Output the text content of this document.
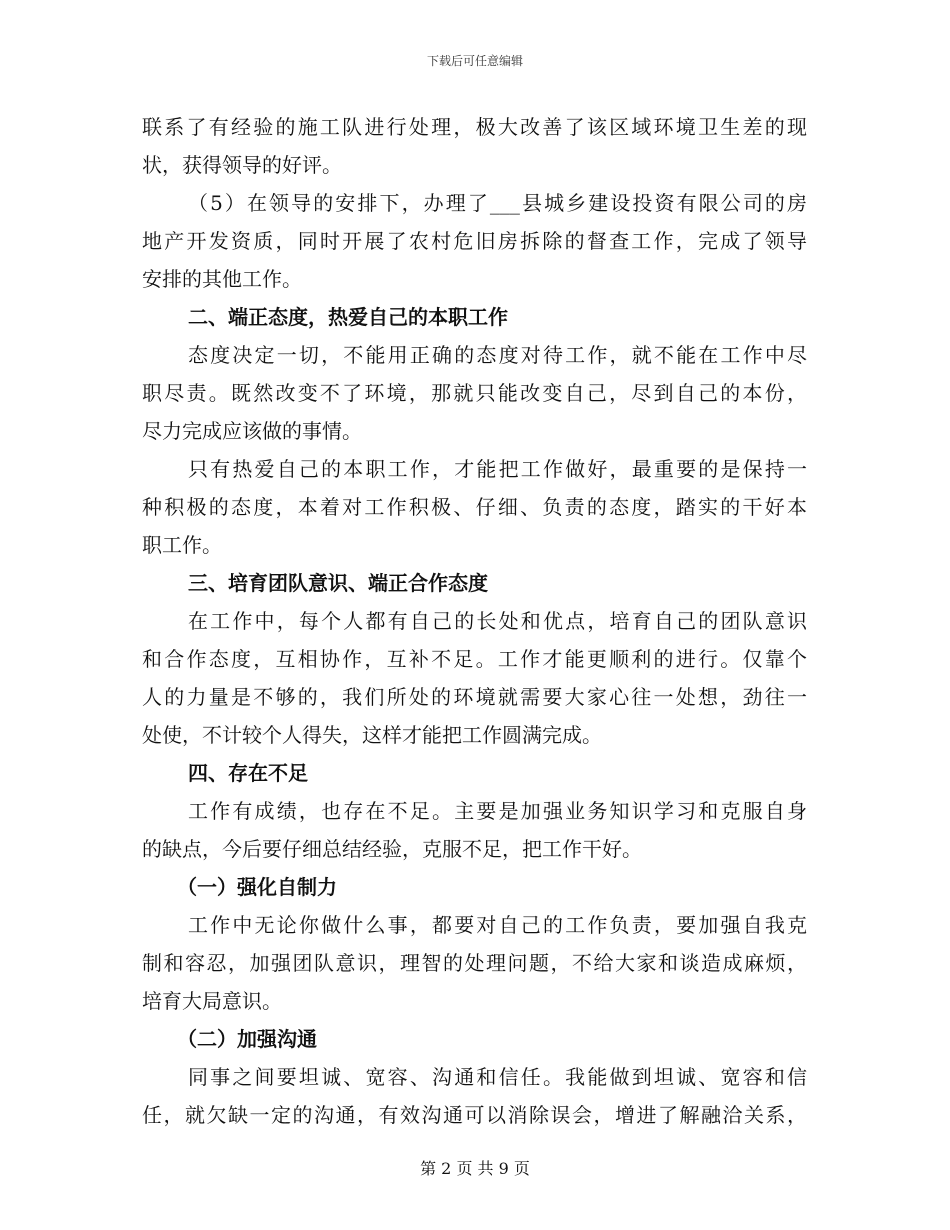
下载后可任意编辑
联系了有经验的施工队进行处理，极大改善了该区域环境卫生差的现
状，获得领导的好评。
（5）在领导的安排下，办理了___县城乡建设投资有限公司的房
地产开发资质，同时开展了农村危旧房拆除的督查工作，完成了领导
安排的其他工作。
二、端正态度，热爱自己的本职工作
态度决定一切，不能用正确的态度对待工作，就不能在工作中尽
职尽责。既然改变不了环境，那就只能改变自己，尽到自己的本份，
尽力完成应该做的事情。
只有热爱自己的本职工作，才能把工作做好，最重要的是保持一
种积极的态度，本着对工作积极、仔细、负责的态度，踏实的干好本
职工作。
三、培育团队意识、端正合作态度
在工作中，每个人都有自己的长处和优点，培育自己的团队意识
和合作态度，互相协作，互补不足。工作才能更顺利的进行。仅靠个
人的力量是不够的，我们所处的环境就需要大家心往一处想，劲往一
处使，不计较个人得失，这样才能把工作圆满完成。
四、存在不足
工作有成绩，也存在不足。主要是加强业务知识学习和克服自身
的缺点，今后要仔细总结经验，克服不足，把工作干好。
（一）强化自制力
工作中无论你做什么事，都要对自己的工作负责，要加强自我克
制和容忍，加强团队意识，理智的处理问题，不给大家和谈造成麻烦，
培育大局意识。
（二）加强沟通
同事之间要坦诚、宽容、沟通和信任。我能做到坦诚、宽容和信
任，就欠缺一定的沟通，有效沟通可以消除误会，增进了解融洽关系，
第 2 页 共 9 页
